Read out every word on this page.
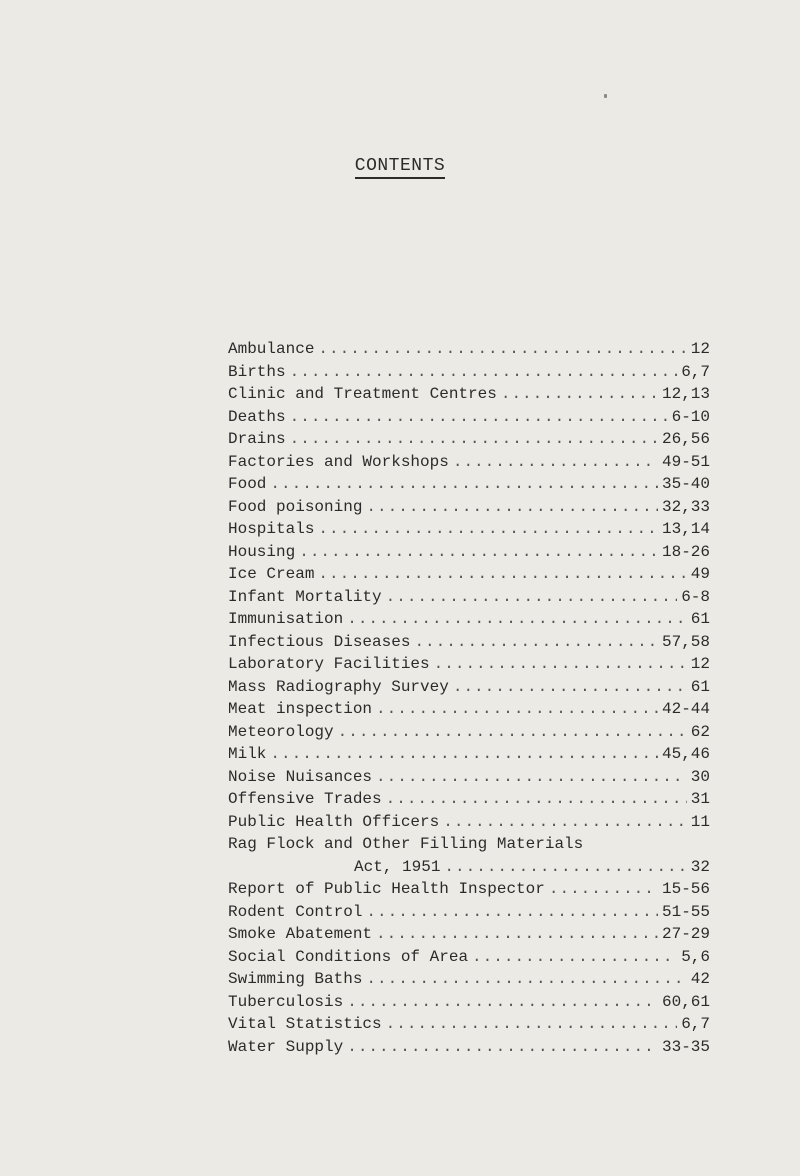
CONTENTS
Ambulance .....	12
Births .....	6,7
Clinic and Treatment Centres .....	12,13
Deaths .....	6-10
Drains .....	26,56
Factories and Workshops .....	49-51
Food .....	35-40
Food poisoning .....	32,33
Hospitals .....	13,14
Housing .....	18-26
Ice Cream .....	49
Infant Mortality .....	6-8
Immunisation .....	61
Infectious Diseases .....	57,58
Laboratory Facilities .....	12
Mass Radiography Survey .....	61
Meat inspection .....	42-44
Meteorology .....	62
Milk .....	45,46
Noise Nuisances .....	30
Offensive Trades .....	31
Public Health Officers .....	11
Rag Flock and Other Filling Materials
Act, 1951 .....	32
Report of Public Health Inspector .....	15-56
Rodent Control .....	51-55
Smoke Abatement .....	27-29
Social Conditions of Area .....	5,6
Swimming Baths .....	42
Tuberculosis .....	60,61
Vital Statistics .....	6,7
Water Supply .....	33-35
